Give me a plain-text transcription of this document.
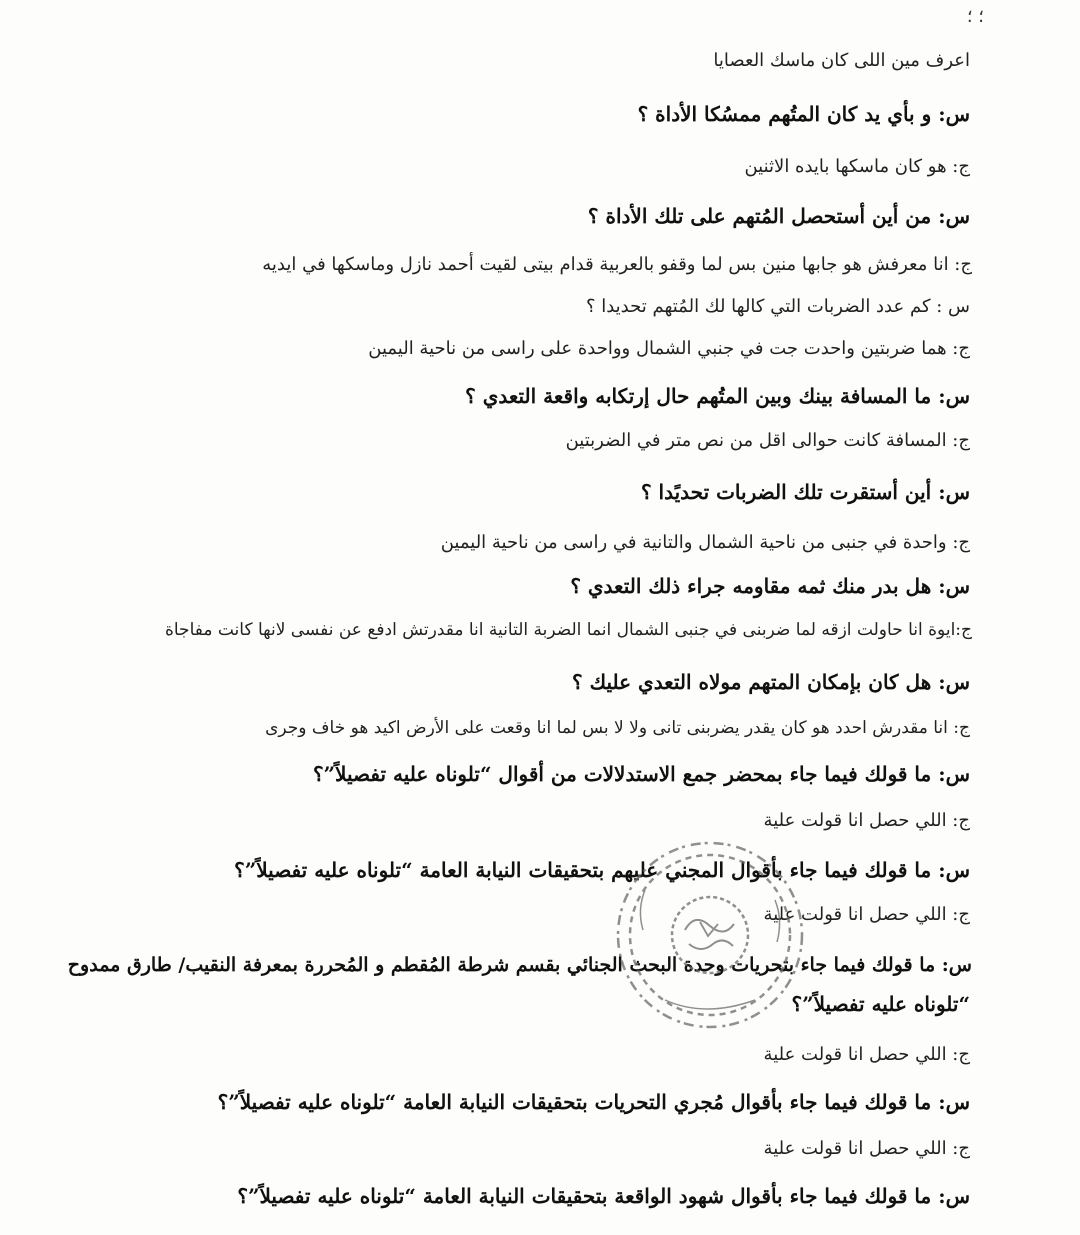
؛ ؛
اعرف مين اللى كان ماسك العصايا
س: و بأي يد كان المتُهم ممسُكا الأداة ؟
ج: هو كان ماسكها بايده الاثنين
س: من أين أستحصل المُتهم على تلك الأداة ؟
ج: انا معرفش هو جابها منين بس لما وقفو بالعربية قدام بيتى لقيت أحمد نازل وماسكها في ايديه
س : كم عدد الضربات التي كالها لك المُتهم تحديدا ؟
ج: هما ضربتين واحدت جت في جنبي الشمال وواحدة على راسى من ناحية اليمين
س: ما المسافة بينك وبين المتُهم حال إرتكابه واقعة التعدي ؟
ج: المسافة كانت حوالى اقل من نص متر في الضربتين
س: أين أستقرت تلك الضربات تحديًدا ؟
ج: واحدة في جنبى من ناحية الشمال والتانية في راسى من ناحية اليمين
س: هل بدر منك ثمه مقاومه جراء ذلك التعدي ؟
ج:ايوة انا حاولت ازقه لما ضربنى في جنبى الشمال انما الضربة التانية انا مقدرتش ادفع عن نفسى لانها كانت مفاجاة
س: هل كان بإمكان المتهم مولاه التعدي عليك ؟
ج: انا مقدرش احدد هو كان يقدر يضربنى تانى ولا لا بس لما انا وقعت على الأرض اكيد هو خاف وجرى
س: ما قولك فيما جاء بمحضر جمع الاستدلالات من أقوال “تلوناه عليه تفصيلاً”؟
ج: اللي حصل انا قولت علية
س: ما قولك فيما جاء بأقوال المجني عليهم بتحقيقات النيابة العامة “تلوناه عليه تفصيلاً”؟
ج: اللي حصل انا قولت علية
س: ما قولك فيما جاء بتحريات وحدة البحث الجنائي بقسم شرطة المُقطم و المُحررة بمعرفة النقيب/ طارق ممدوح
“تلوناه عليه تفصيلاً”؟
ج: اللي حصل انا قولت علية
س: ما قولك فيما جاء بأقوال مُجري التحريات بتحقيقات النيابة العامة “تلوناه عليه تفصيلاً”؟
ج: اللي حصل انا قولت علية
س: ما قولك فيما جاء بأقوال شهود الواقعة بتحقيقات النيابة العامة “تلوناه عليه تفصيلاً”؟
